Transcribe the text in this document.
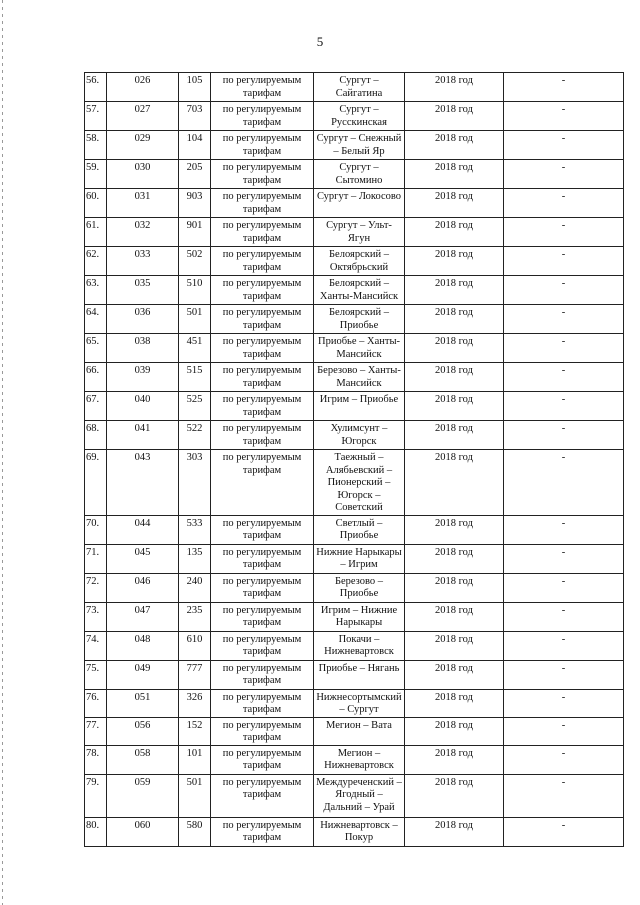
5
56.	026	105	по регулируемым тарифам	Сургут – Сайгатина	2018 год	-
57.	027	703	по регулируемым тарифам	Сургут – Русскинская	2018 год	-
58.	029	104	по регулируемым тарифам	Сургут – Снежный – Белый Яр	2018 год	-
59.	030	205	по регулируемым тарифам	Сургут – Сытомино	2018 год	-
60.	031	903	по регулируемым тарифам	Сургут – Локосово	2018 год	-
61.	032	901	по регулируемым тарифам	Сургут – Ульт-Ягун	2018 год	-
62.	033	502	по регулируемым тарифам	Белоярский – Октябрьский	2018 год	-
63.	035	510	по регулируемым тарифам	Белоярский – Ханты-Мансийск	2018 год	-
64.	036	501	по регулируемым тарифам	Белоярский – Приобье	2018 год	-
65.	038	451	по регулируемым тарифам	Приобье – Ханты-Мансийск	2018 год	-
66.	039	515	по регулируемым тарифам	Березово – Ханты-Мансийск	2018 год	-
67.	040	525	по регулируемым тарифам	Игрим – Приобье	2018 год	-
68.	041	522	по регулируемым тарифам	Хулимсунт – Югорск	2018 год	-
69.	043	303	по регулируемым тарифам	Таежный – Алябьевский – Пионерский – Югорск – Советский	2018 год	-
70.	044	533	по регулируемым тарифам	Светлый – Приобье	2018 год	-
71.	045	135	по регулируемым тарифам	Нижние Нарыкары – Игрим	2018 год	-
72.	046	240	по регулируемым тарифам	Березово – Приобье	2018 год	-
73.	047	235	по регулируемым тарифам	Игрим – Нижние Нарыкары	2018 год	-
74.	048	610	по регулируемым тарифам	Покачи – Нижневартовск	2018 год	-
75.	049	777	по регулируемым тарифам	Приобье – Нягань	2018 год	-
76.	051	326	по регулируемым тарифам	Нижнесортымский – Сургут	2018 год	-
77.	056	152	по регулируемым тарифам	Мегион – Вата	2018 год	-
78.	058	101	по регулируемым тарифам	Мегион – Нижневартовск	2018 год	-
79.	059	501	по регулируемым тарифам	Междуреченский – Ягодный – Дальний – Урай	2018 год	-
80.	060	580	по регулируемым тарифам	Нижневартовск – Покур	2018 год	-
